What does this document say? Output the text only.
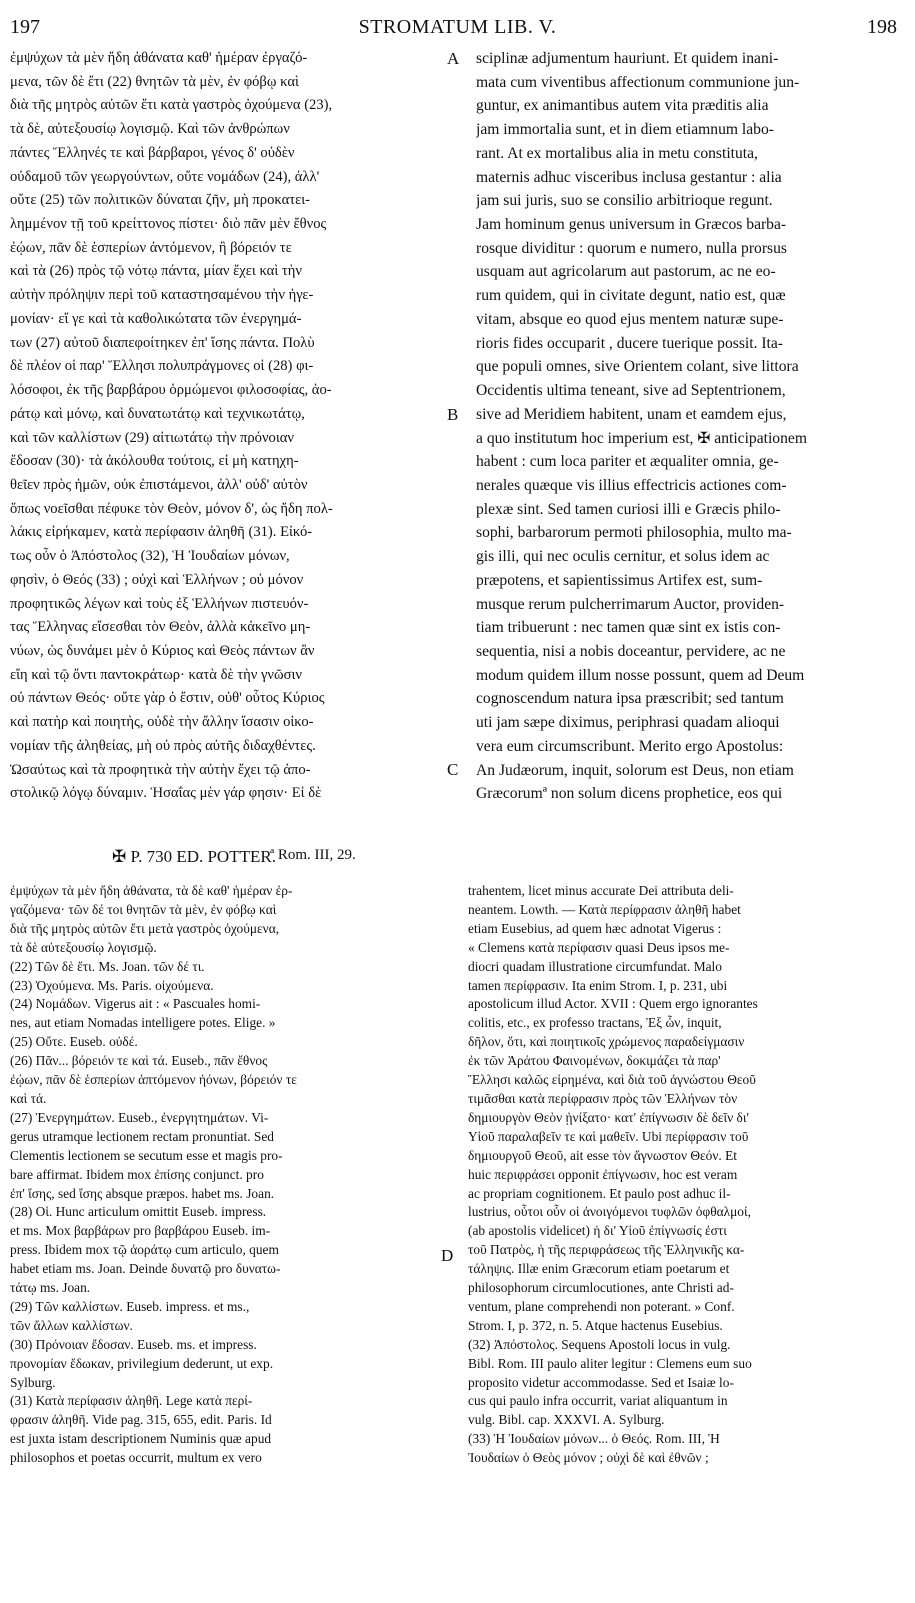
197	STROMATUM LIB. V.	198
ἐμψύχων τὰ μὲν ἤδη ἀθάνατα καθ' ἡμέραν ἐργαζό-
μενα, τῶν δὲ ἔτι (22) θνητῶν τὰ μὲν, ἐν φόβῳ καὶ
διὰ τῆς μητρὸς αὐτῶν ἔτι κατὰ γαστρὸς ὀχούμενα (23),
τὰ δὲ, αὐτεξουσίῳ λογισμῷ. Καὶ τῶν ἀνθρώπων
πάντες Ἕλληνές τε καὶ βάρβαροι, γένος δ' οὐδὲν
οὐδαμοῦ τῶν γεωργούντων, οὔτε νομάδων (24), ἀλλ'
οὔτε (25) τῶν πολιτικῶν δύναται ζῆν, μὴ προκατει-
λημμένον τῇ τοῦ κρείττονος πίστει· διὸ πᾶν μὲν ἔθνος
ἐῴων, πᾶν δὲ ἑσπερίων ἀντόμενον, ἢ βόρειόν τε
καὶ τὰ (26) πρὸς τῷ νότῳ πάντα, μίαν ἔχει καὶ τὴν
αὐτὴν πρόληψιν περὶ τοῦ καταστησαμένου τὴν ἡγε-
μονίαν· εἴ γε καὶ τὰ καθολικώτατα τῶν ἐνεργημά-
των (27) αὐτοῦ διαπεφοίτηκεν ἐπ' ἴσης πάντα. Πολὺ
δὲ πλέον οἱ παρ' Ἕλλησι πολυπράγμονες οἱ (28) φι-
λόσοφοι, ἐκ τῆς βαρβάρου ὁρμώμενοι φιλοσοφίας, ἀο-
ράτῳ καὶ μόνῳ, καὶ δυνατωτάτῳ καὶ τεχνικωτάτῳ,
καὶ τῶν καλλίστων (29) αἰτιωτάτῳ τὴν πρόνοιαν
ἔδοσαν (30)· τὰ ἀκόλουθα τούτοις, εἰ μὴ κατηχη-
θεῖεν πρὸς ἡμῶν, οὐκ ἐπιστάμενοι, ἀλλ' οὐδ' αὐτὸν
ὅπως νοεῖσθαι πέφυκε τὸν Θεὸν, μόνον δ', ὡς ἤδη πολ-
λάκις εἰρήκαμεν, κατὰ περίφασιν ἀληθῆ (31). Εἰκό-
τως οὖν ὁ Ἀπόστολος (32), Ἡ Ἰουδαίων μόνων,
φησὶν, ὁ Θεός (33) ; οὐχὶ καὶ Ἑλλήνων ; οὐ μόνον
προφητικῶς λέγων καὶ τοὺς ἐξ Ἑλλήνων πιστευόν-
τας Ἕλληνας εἴσεσθαι τὸν Θεὸν, ἀλλὰ κἀκεῖνο μη-
νύων, ὡς δυνάμει μὲν ὁ Κύριος καὶ Θεὸς πάντων ἂν
εἴη καὶ τῷ ὄντι παντοκράτωρ· κατὰ δὲ τὴν γνῶσιν
οὐ πάντων Θεός· οὔτε γὰρ ὁ ἔστιν, οὐθ' οὗτος Κύριος
καὶ πατὴρ καὶ ποιητὴς, οὐδὲ τὴν ἄλλην ἴσασιν οἰκο-
νομίαν τῆς ἀληθείας, μὴ οὐ πρὸς αὐτῆς διδαχθέντες.
Ὡσαύτως καὶ τὰ προφητικὰ τὴν αὐτὴν ἔχει τῷ ἀπο-
στολικῷ λόγῳ δύναμιν. Ἡσαΐας μὲν γάρ φησιν· Εἰ δὲ
sciplinæ adjumentum hauriunt. Et quidem inani-
mata cum viventibus affectionum communione jun-
guntur, ex animantibus autem vita præditis alia
jam immortalia sunt, et in diem etiamnum labo-
rant. At ex mortalibus alia in metu constituta,
maternis adhuc visceribus inclusa gestantur : alia
jam sui juris, suo se consilio arbitrioque regunt.
Jam hominum genus universum in Græcos barba-
rosque dividitur : quorum e numero, nulla prorsus
usquam aut agricolarum aut pastorum, ac ne eo-
rum quidem, qui in civitate degunt, natio est, quæ
vitam, absque eo quod ejus mentem naturæ supe-
rioris fides occuparit , ducere tuerique possit. Ita-
que populi omnes, sive Orientem colant, sive littora
Occidentis ultima teneant, sive ad Septentrionem,
sive ad Meridiem habitent, unam et eamdem ejus,
a quo institutum hoc imperium est, ✠ anticipationem
habent : cum loca pariter et æqualiter omnia, ge-
nerales quæque vis illius effectricis actiones com-
plexæ sint. Sed tamen curiosi illi e Græcis philo-
sophi, barbarorum permoti philosophia, multo ma-
gis illi, qui nec oculis cernitur, et solus idem ac
præpotens, et sapientissimus Artifex est, sum-
musque rerum pulcherrimarum Auctor, providen-
tiam tribuerunt : nec tamen quæ sint ex istis con-
sequentia, nisi a nobis doceantur, pervidere, ac ne
modum quidem illum nosse possunt, quem ad Deum
cognoscendum natura ipsa præscribit; sed tantum
uti jam sæpe diximus, periphrasi quadam alioqui
vera eum circumscribunt. Merito ergo Apostolus:
An Judæorum, inquit, solorum est Deus, non etiam
Græcorumª non solum dicens prophetice, eos qui
A
B
C
D
✠ P. 730 ED. POTTER.
ª Rom. III, 29.
ἐμψύχων τὰ μὲν ἤδη ἀθάνατα, τὰ δὲ καθ' ἡμέραν ἐρ-
γαζόμενα· τῶν δέ τοι θνητῶν τὰ μὲν, ἐν φόβῳ καὶ
διὰ τῆς μητρὸς αὐτῶν ἔτι μετὰ γαστρὸς ὀχούμενα,
τὰ δὲ αὐτεξουσίῳ λογισμῷ.
(22) Τῶν δὲ ἔτι. Ms. Joan. τῶν δέ τι.
(23) Ὀχούμενα. Ms. Paris. οἰχούμενα.
(24) Νομάδων. Vigerus ait : « Pascuales homi-
nes, aut etiam Nomadas intelligere potes. Elige. »
(25) Οὔτε. Euseb. οὐδέ.
(26) Πᾶν... βόρειόν τε καὶ τά. Euseb., πᾶν ἔθνος
ἐῴων, πᾶν δὲ ἑσπερίων ἁπτόμενον ἠόνων, βόρειόν τε
καὶ τά.
(27) Ἐνεργημάτων. Euseb., ἐνεργητημάτων. Vi-
gerus utramque lectionem rectam pronuntiat. Sed
Clementis lectionem se secutum esse et magis pro-
bare affirmat. Ibidem mox ἐπίσης conjunct. pro
ἐπ' ἴσης, sed ἴσης absque præpos. habet ms. Joan.
(28) Οἱ. Hunc articulum omittit Euseb. impress.
et ms. Mox βαρβάρων pro βαρβάρου Euseb. im-
press. Ibidem mox τῷ ἀοράτῳ cum articulo, quem
habet etiam ms. Joan. Deinde δυνατῷ pro δυνατω-
τάτῳ ms. Joan.
(29) Τῶν καλλίστων. Euseb. impress. et ms.,
τῶν ἄλλων καλλίστων.
(30) Πρόνοιαν ἔδοσαν. Euseb. ms. et impress.
προνομίαν ἔδωκαν, privilegium dederunt, ut exp.
Sylburg.
(31) Κατὰ περίφασιν ἀληθῆ. Lege κατὰ περί-
φρασιν ἀληθῆ. Vide pag. 315, 655, edit. Paris. Id
est juxta istam descriptionem Numinis quæ apud
philosophos et poetas occurrit, multum ex vero
trahentem, licet minus accurate Dei attributa deli-
neantem. Lowth. — Κατὰ περίφρασιν ἀληθῆ habet
etiam Eusebius, ad quem hæc adnotat Vigerus :
« Clemens κατὰ περίφασιν quasi Deus ipsos me-
diocri quadam illustratione circumfundat. Malo
tamen περίφρασιν. Ita enim Strom. I, p. 231, ubi
apostolicum illud Actor. XVII : Quem ergo ignorantes
colitis, etc., ex professo tractans, Ἐξ ὧν, inquit,
δῆλον, ὅτι, καὶ ποιητικοῖς χρώμενος παραδείγμασιν
ἐκ τῶν Ἀράτου Φαινομένων, δοκιμάζει τὰ παρ'
Ἕλλησι καλῶς εἰρημένα, καὶ διὰ τοῦ ἀγνώστου Θεοῦ
τιμᾶσθαι κατὰ περίφρασιν πρὸς τῶν Ἑλλήνων τὸν
δημιουργὸν Θεὸν ᾐνίξατο· κατ' ἐπίγνωσιν δὲ δεῖν δι'
Υἱοῦ παραλαβεῖν τε καὶ μαθεῖν. Ubi περίφρασιν τοῦ
δημιουργοῦ Θεοῦ, ait esse τὸν ἄγνωστον Θεόν. Et
huic περιφράσει opponit ἐπίγνωσιν, hoc est veram
ac propriam cognitionem. Et paulo post adhuc il-
lustrius, οὗτοι οὖν οἱ ἀνοιγόμενοι τυφλῶν ὀφθαλμοί,
(ab apostolis videlicet) ἡ δι' Υἱοῦ ἐπίγνωσίς ἐστι
τοῦ Πατρὸς, ἡ τῆς περιφράσεως τῆς Ἑλληνικῆς κα-
τάληψις. Illæ enim Græcorum etiam poetarum et
philosophorum circumlocutiones, ante Christi ad-
ventum, plane comprehendi non poterant. » Conf.
Strom. I, p. 372, n. 5. Atque hactenus Eusebius.
(32) Ἀπόστολος. Sequens Apostoli locus in vulg.
Bibl. Rom. III paulo aliter legitur : Clemens eum suo
proposito videtur accommodasse. Sed et Isaiæ lo-
cus qui paulo infra occurrit, variat aliquantum in
vulg. Bibl. cap. XXXVI. A. Sylburg.
(33) Ἡ Ἰουδαίων μόνων... ὁ Θεός. Rom. III, Ἡ
Ἰουδαίων ὁ Θεὸς μόνον ; οὐχὶ δὲ καὶ ἐθνῶν ;
